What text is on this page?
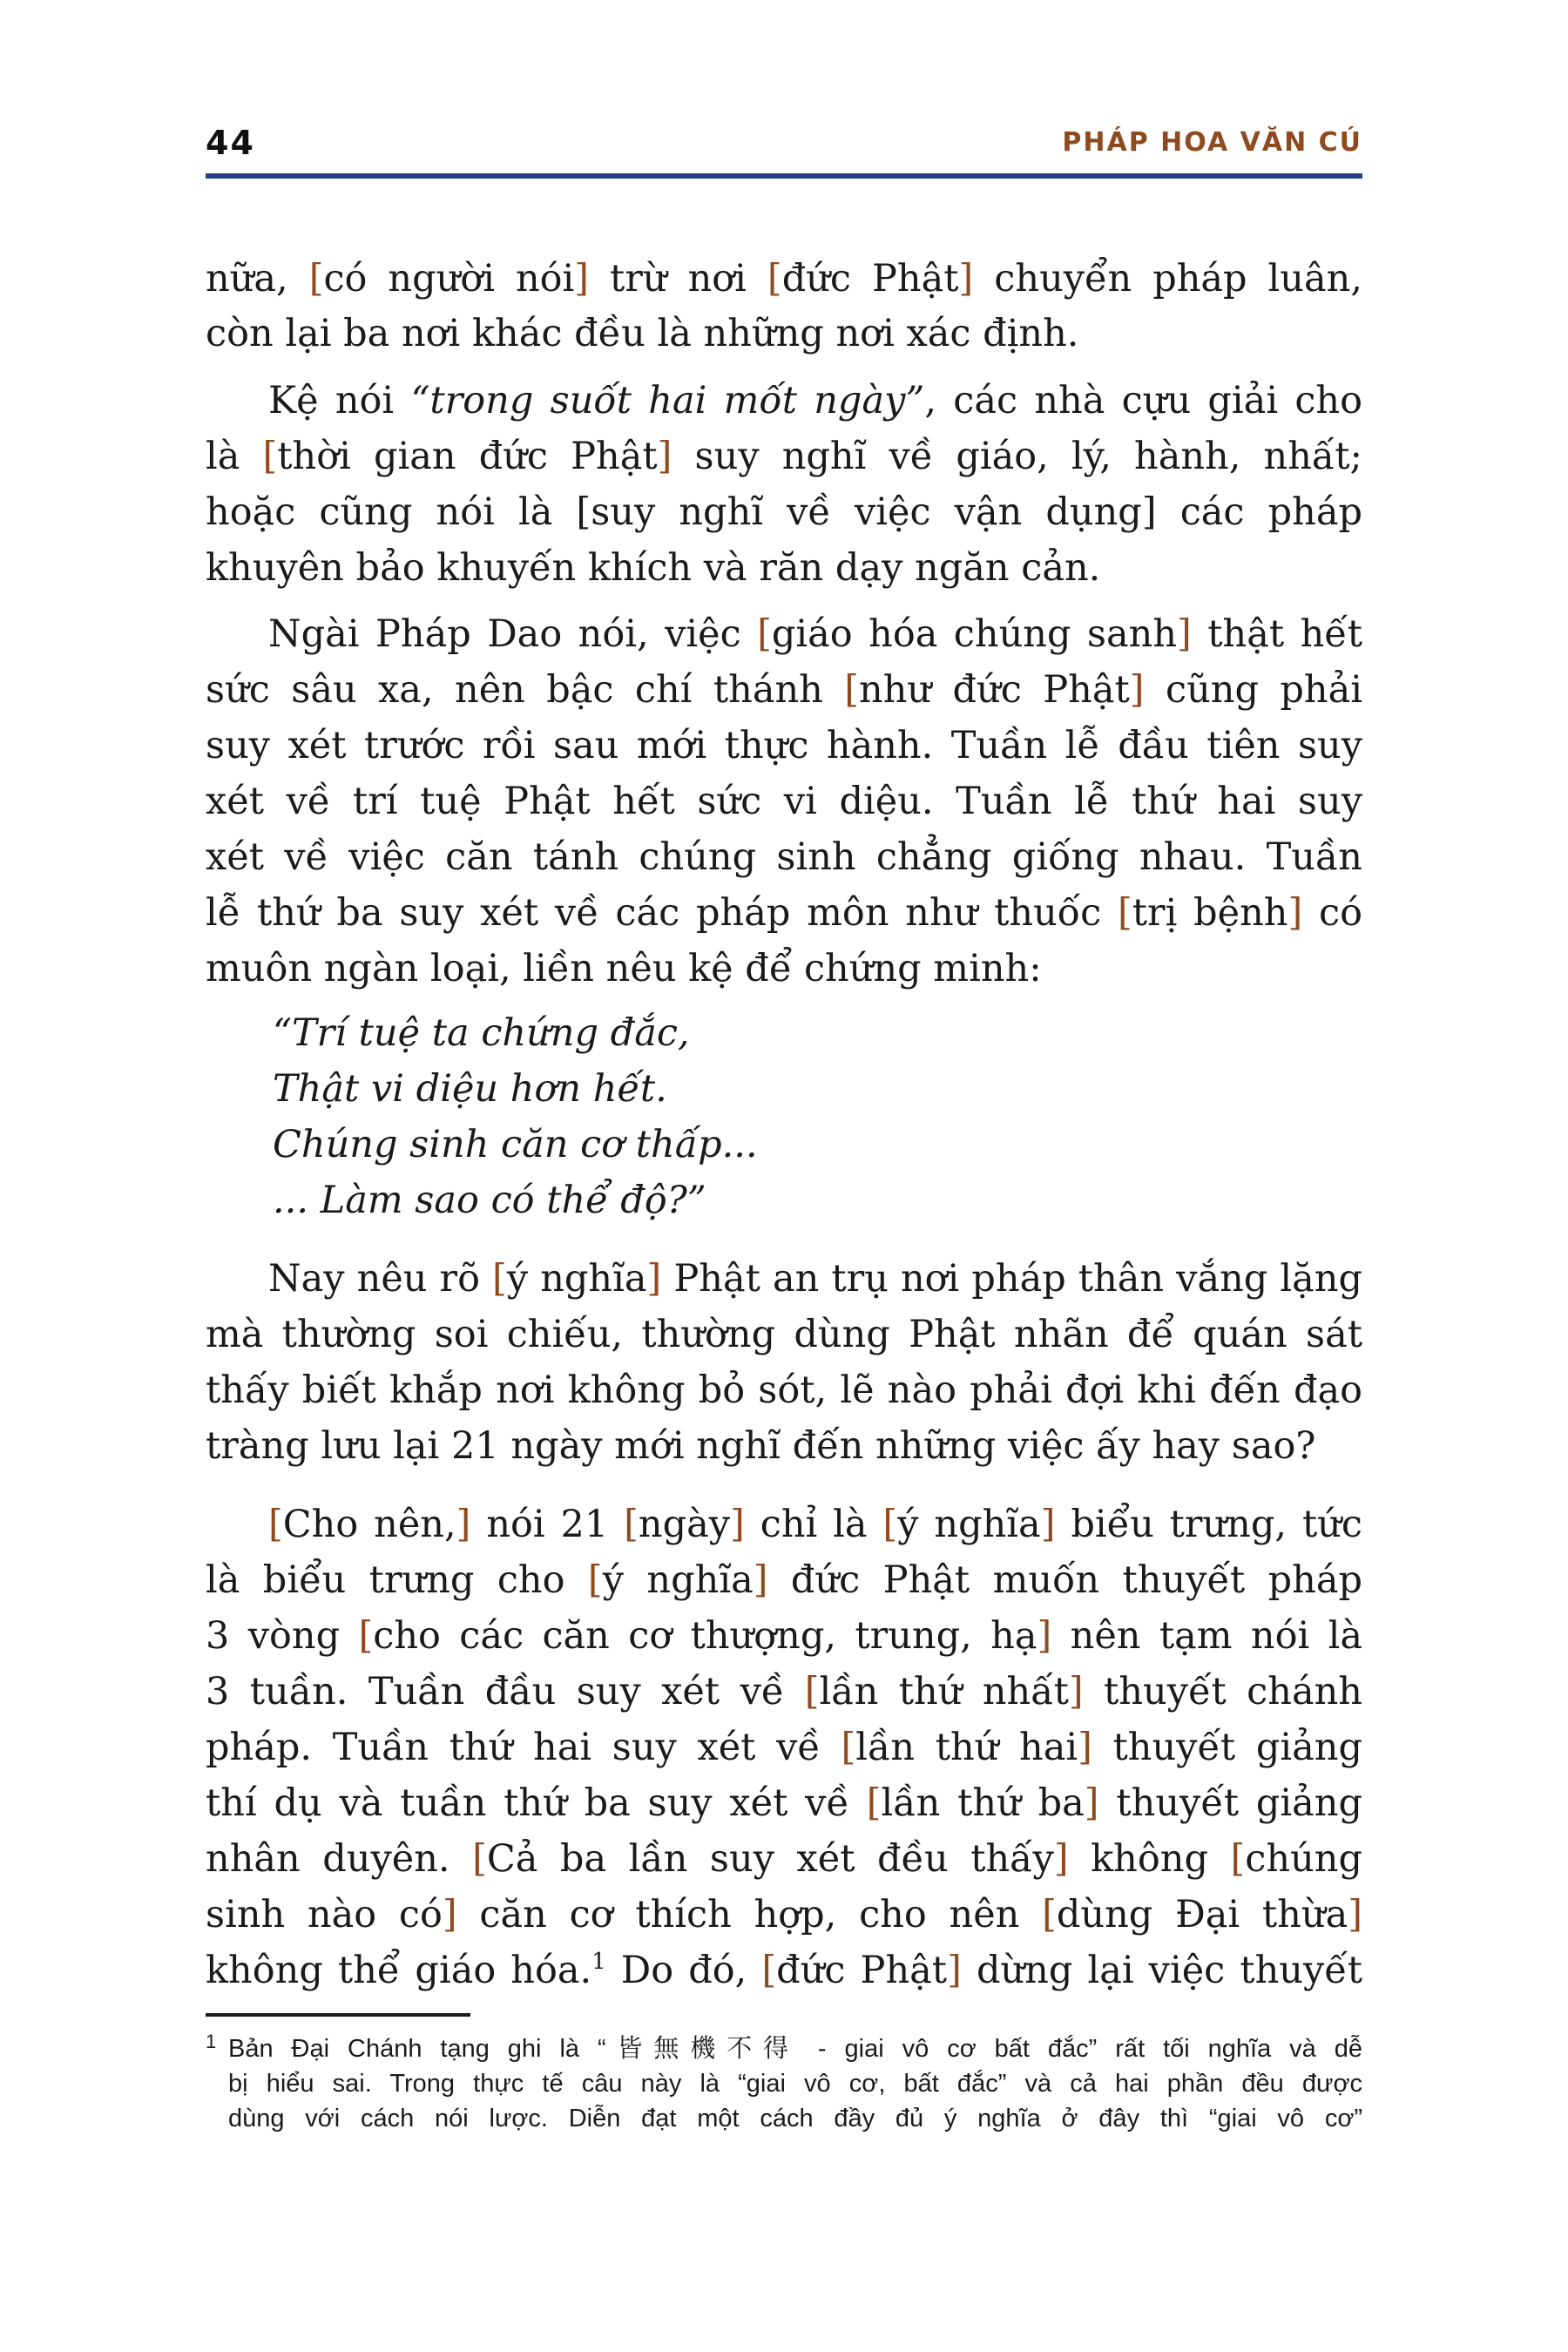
44	PHÁP HOA VĂN CÚ
nữa, [có người nói] trừ nơi [đức Phật] chuyển pháp luân,
còn lại ba nơi khác đều là những nơi xác định.
Kệ nói “trong suốt hai mốt ngày”, các nhà cựu giải cho
là [thời gian đức Phật] suy nghĩ về giáo, lý, hành, nhất;
hoặc cũng nói là [suy nghĩ về việc vận dụng] các pháp
khuyên bảo khuyến khích và răn dạy ngăn cản.
Ngài Pháp Dao nói, việc [giáo hóa chúng sanh] thật hết
sức sâu xa, nên bậc chí thánh [như đức Phật] cũng phải
suy xét trước rồi sau mới thực hành. Tuần lễ đầu tiên suy
xét về trí tuệ Phật hết sức vi diệu. Tuần lễ thứ hai suy
xét về việc căn tánh chúng sinh chẳng giống nhau. Tuần
lễ thứ ba suy xét về các pháp môn như thuốc [trị bệnh] có
muôn ngàn loại, liền nêu kệ để chứng minh:
“Trí tuệ ta chứng đắc,
Thật vi diệu hơn hết.
Chúng sinh căn cơ thấp...
... Làm sao có thể độ?”
Nay nêu rõ [ý nghĩa] Phật an trụ nơi pháp thân vắng lặng
mà thường soi chiếu, thường dùng Phật nhãn để quán sát
thấy biết khắp nơi không bỏ sót, lẽ nào phải đợi khi đến đạo
tràng lưu lại 21 ngày mới nghĩ đến những việc ấy hay sao?
[Cho nên,] nói 21 [ngày] chỉ là [ý nghĩa] biểu trưng, tức
là biểu trưng cho [ý nghĩa] đức Phật muốn thuyết pháp
3 vòng [cho các căn cơ thượng, trung, hạ] nên tạm nói là
3 tuần. Tuần đầu suy xét về [lần thứ nhất] thuyết chánh
pháp. Tuần thứ hai suy xét về [lần thứ hai] thuyết giảng
thí dụ và tuần thứ ba suy xét về [lần thứ ba] thuyết giảng
nhân duyên. [Cả ba lần suy xét đều thấy] không [chúng
sinh nào có] căn cơ thích hợp, cho nên [dùng Đại thừa]
không thể giáo hóa.$^1$ Do đó, [đức Phật] dừng lại việc thuyết
1 Bản Đại Chánh tạng ghi là “皆無機不得 - giai vô cơ bất đắc” rất tối nghĩa và dễ
bị hiểu sai. Trong thực tế câu này là “giai vô cơ, bất đắc” và cả hai phần đều được
dùng với cách nói lược. Diễn đạt một cách đầy đủ ý nghĩa ở đây thì “giai vô cơ”
